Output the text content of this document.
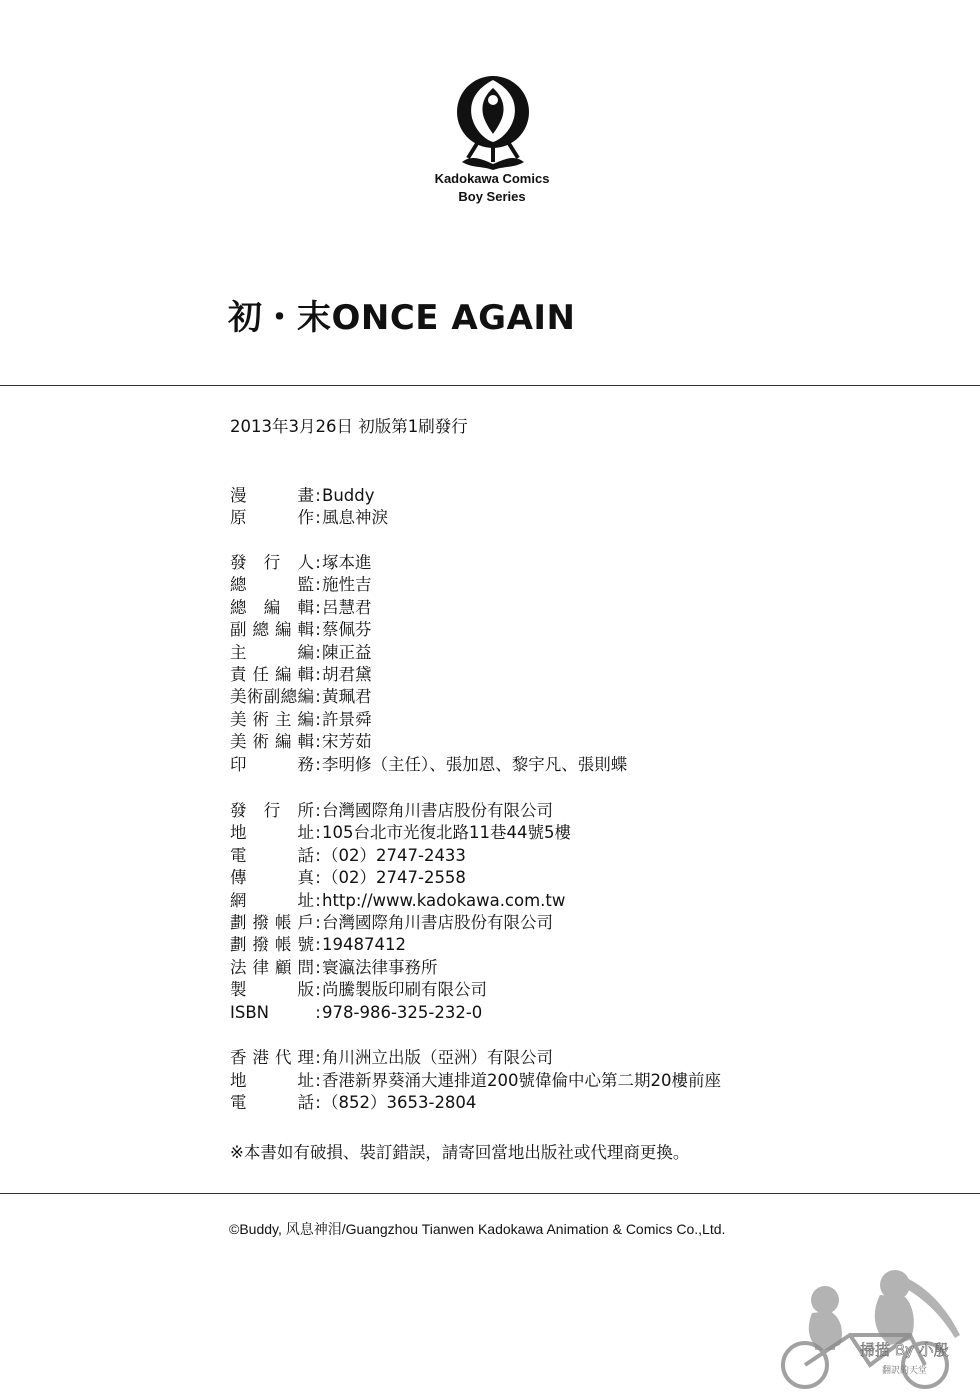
Kadokawa Comics
Boy Series
初・末ONCE AGAIN
2013年3月26日 初版第1刷發行
漫畫:Buddy
原作:風息神淚
發行人:塚本進
總監:施性吉
總編輯:呂慧君
副總編輯:蔡佩芬
主編:陳正益
責任編輯:胡君黛
美術副總編:黃珮君
美術主編:許景舜
美術編輯:宋芳茹
印務:李明修（主任）、張加恩、黎宇凡、張則蝶
發行所:台灣國際角川書店股份有限公司
地址:105台北市光復北路11巷44號5樓
電話:（02）2747-2433
傳真:（02）2747-2558
網址:http://www.kadokawa.com.tw
劃撥帳戶:台灣國際角川書店股份有限公司
劃撥帳號:19487412
法律顧問:寰瀛法律事務所
製版:尚騰製版印刷有限公司
ISBN	:978-986-325-232-0
香港代理:角川洲立出版（亞洲）有限公司
地址:香港新界葵涌大連排道200號偉倫中心第二期20樓前座
電話:（852）3653-2804
※本書如有破損、裝訂錯誤，請寄回當地出版社或代理商更換。
©Buddy, 风息神泪/Guangzhou Tianwen Kadokawa Animation & Comics Co.,Ltd.
掃描 By 小殷
翻訳的天堂
